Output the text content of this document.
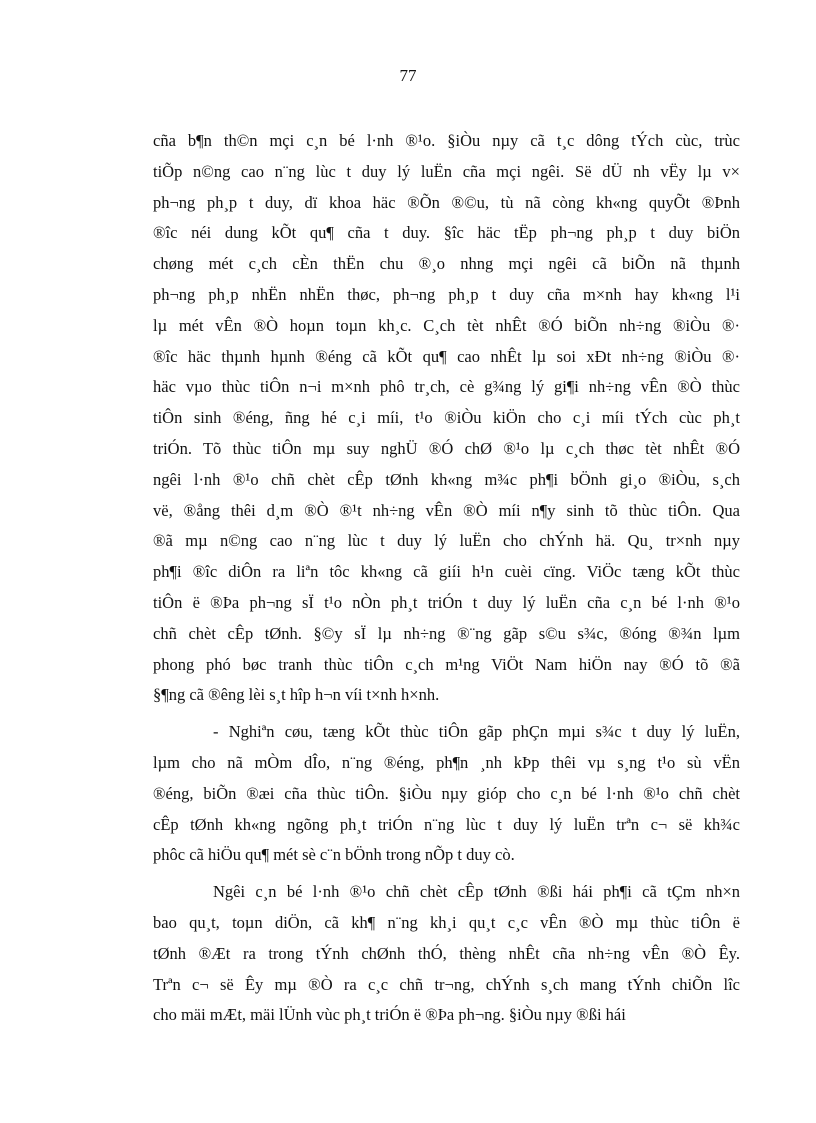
77
cña b¶n th©n mçi c¸n bé l·nh ®¹o. §iÒu nµy cã t¸c dông tÝch cùc, trùc
tiÕp n©ng cao n¨ng lùc t duy lý luËn cña mçi ngêi. Së dÜ nh vËy lµ v×
ph¬ng ph¸p t duy, dï khoa häc ®Õn ®©u, tù nã còng kh«ng quyÕt ®Þnh
®îc néi dung kÕt qu¶ cña t duy. §îc häc tËp ph¬ng ph¸p t duy biÖn
chøng mét c¸ch cÈn thËn chu ®¸o nhng mçi ngêi cã biÕn nã thµnh
ph¬ng ph¸p nhËn nhËn thøc, ph¬ng ph¸p t duy cña m×nh hay kh«ng l¹i
lµ mét vÊn ®Ò hoµn toµn kh¸c. C¸ch tèt nhÊt ®Ó biÕn nh÷ng ®iÒu ®·
®îc häc thµnh hµnh ®éng cã kÕt qu¶ cao nhÊt lµ soi xÐt nh÷ng ®iÒu ®·
häc vµo thùc tiÔn n¬i m×nh phô tr¸ch, cè g¾ng lý gi¶i nh÷ng vÊn ®Ò thùc
tiÔn sinh ®éng, ñng hé c¸i míi, t¹o ®iÒu kiÖn cho c¸i míi tÝch cùc ph¸t
triÓn. Tõ thùc tiÔn mµ suy nghÜ ®Ó chØ ®¹o lµ c¸ch thøc tèt nhÊt ®Ó
ngêi l·nh ®¹o chñ chèt cÊp tØnh kh«ng m¾c ph¶i bÖnh gi¸o ®iÒu, s¸ch
vë, ®ång thêi d¸m ®Ò ®¹t nh÷ng vÊn ®Ò míi n¶y sinh tõ thùc tiÔn. Qua
®ã mµ n©ng cao n¨ng lùc t duy lý luËn cho chÝnh hä. Qu¸ tr×nh nµy
ph¶i ®îc diÔn ra liªn tôc kh«ng cã giíi h¹n cuèi cïng. ViÖc tæng kÕt thùc
tiÔn ë ®Þa ph¬ng sÏ t¹o nÒn ph¸t triÓn t duy lý luËn cña c¸n bé l·nh ®¹o
chñ chèt cÊp tØnh. §©y sÏ lµ nh÷ng ®¨ng gãp s©u s¾c, ®óng ®¾n lµm
phong phó bøc tranh thùc tiÔn c¸ch m¹ng ViÖt Nam hiÖn nay ®Ó tõ ®ã
§¶ng cã ®êng lèi s¸t hîp h¬n víi t×nh h×nh.
- Nghiªn cøu, tæng kÕt thùc tiÔn gãp phÇn mµi s¾c t duy lý luËn,
lµm cho nã mÒm dÎo, n¨ng ®éng, ph¶n ¸nh kÞp thêi vµ s¸ng t¹o sù vËn
®éng, biÕn ®æi cña thùc tiÔn. §iÒu nµy gióp cho c¸n bé l·nh ®¹o chñ chèt
cÊp tØnh kh«ng ngõng ph¸t triÓn n¨ng lùc t duy lý luËn trªn c¬ së kh¾c
phôc cã hiÖu qu¶ mét sè c¨n bÖnh trong nÕp t duy cò.
Ngêi c¸n bé l·nh ®¹o chñ chèt cÊp tØnh ®ßi hái ph¶i cã tÇm nh×n
bao qu¸t, toµn diÖn, cã kh¶ n¨ng kh¸i qu¸t c¸c vÊn ®Ò mµ thùc tiÔn ë
tØnh ®Æt ra trong tÝnh chØnh thÓ, thèng nhÊt cña nh÷ng vÊn ®Ò Êy.
Trªn c¬ së Êy mµ ®Ò ra c¸c chñ tr¬ng, chÝnh s¸ch mang tÝnh chiÕn lîc
cho mäi mÆt, mäi lÜnh vùc ph¸t triÓn ë ®Þa ph¬ng. §iÒu nµy ®ßi hái
